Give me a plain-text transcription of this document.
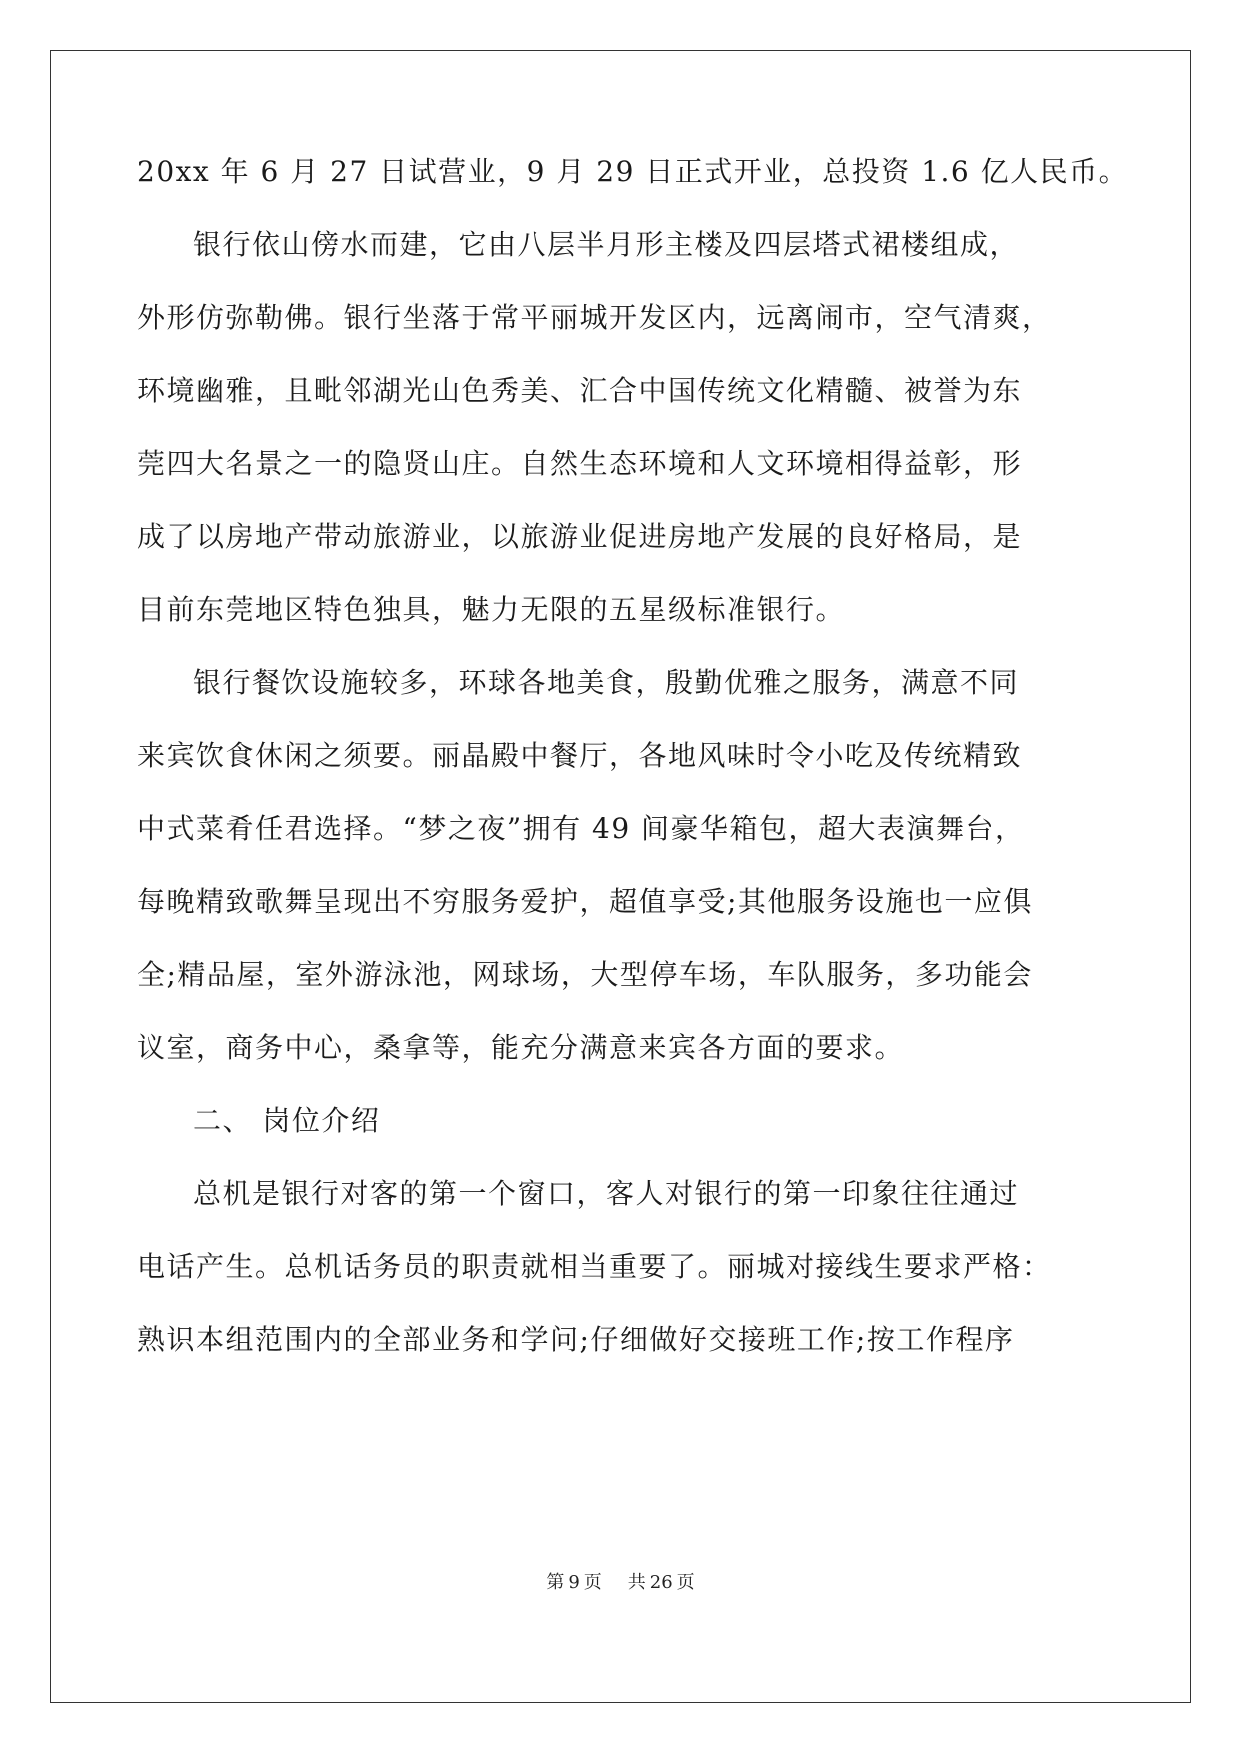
20xx 年 6 月 27 日试营业，9 月 29 日正式开业，总投资 1.6 亿人民币。
银行依山傍水而建，它由八层半月形主楼及四层塔式裙楼组成，
外形仿弥勒佛。银行坐落于常平丽城开发区内，远离闹市，空气清爽，
环境幽雅，且毗邻湖光山色秀美、汇合中国传统文化精髓、被誉为东
莞四大名景之一的隐贤山庄。自然生态环境和人文环境相得益彰，形
成了以房地产带动旅游业，以旅游业促进房地产发展的良好格局，是
目前东莞地区特色独具，魅力无限的五星级标准银行。
银行餐饮设施较多，环球各地美食，殷勤优雅之服务，满意不同
来宾饮食休闲之须要。丽晶殿中餐厅，各地风味时令小吃及传统精致
中式菜肴任君选择。“梦之夜”拥有 49 间豪华箱包，超大表演舞台，
每晚精致歌舞呈现出不穷服务爱护，超值享受;其他服务设施也一应俱
全;精品屋，室外游泳池，网球场，大型停车场，车队服务，多功能会
议室，商务中心，桑拿等，能充分满意来宾各方面的要求。
二、 岗位介绍
总机是银行对客的第一个窗口，客人对银行的第一印象往往通过
电话产生。总机话务员的职责就相当重要了。丽城对接线生要求严格：
熟识本组范围内的全部业务和学问;仔细做好交接班工作;按工作程序
第 9 页 共 26 页
